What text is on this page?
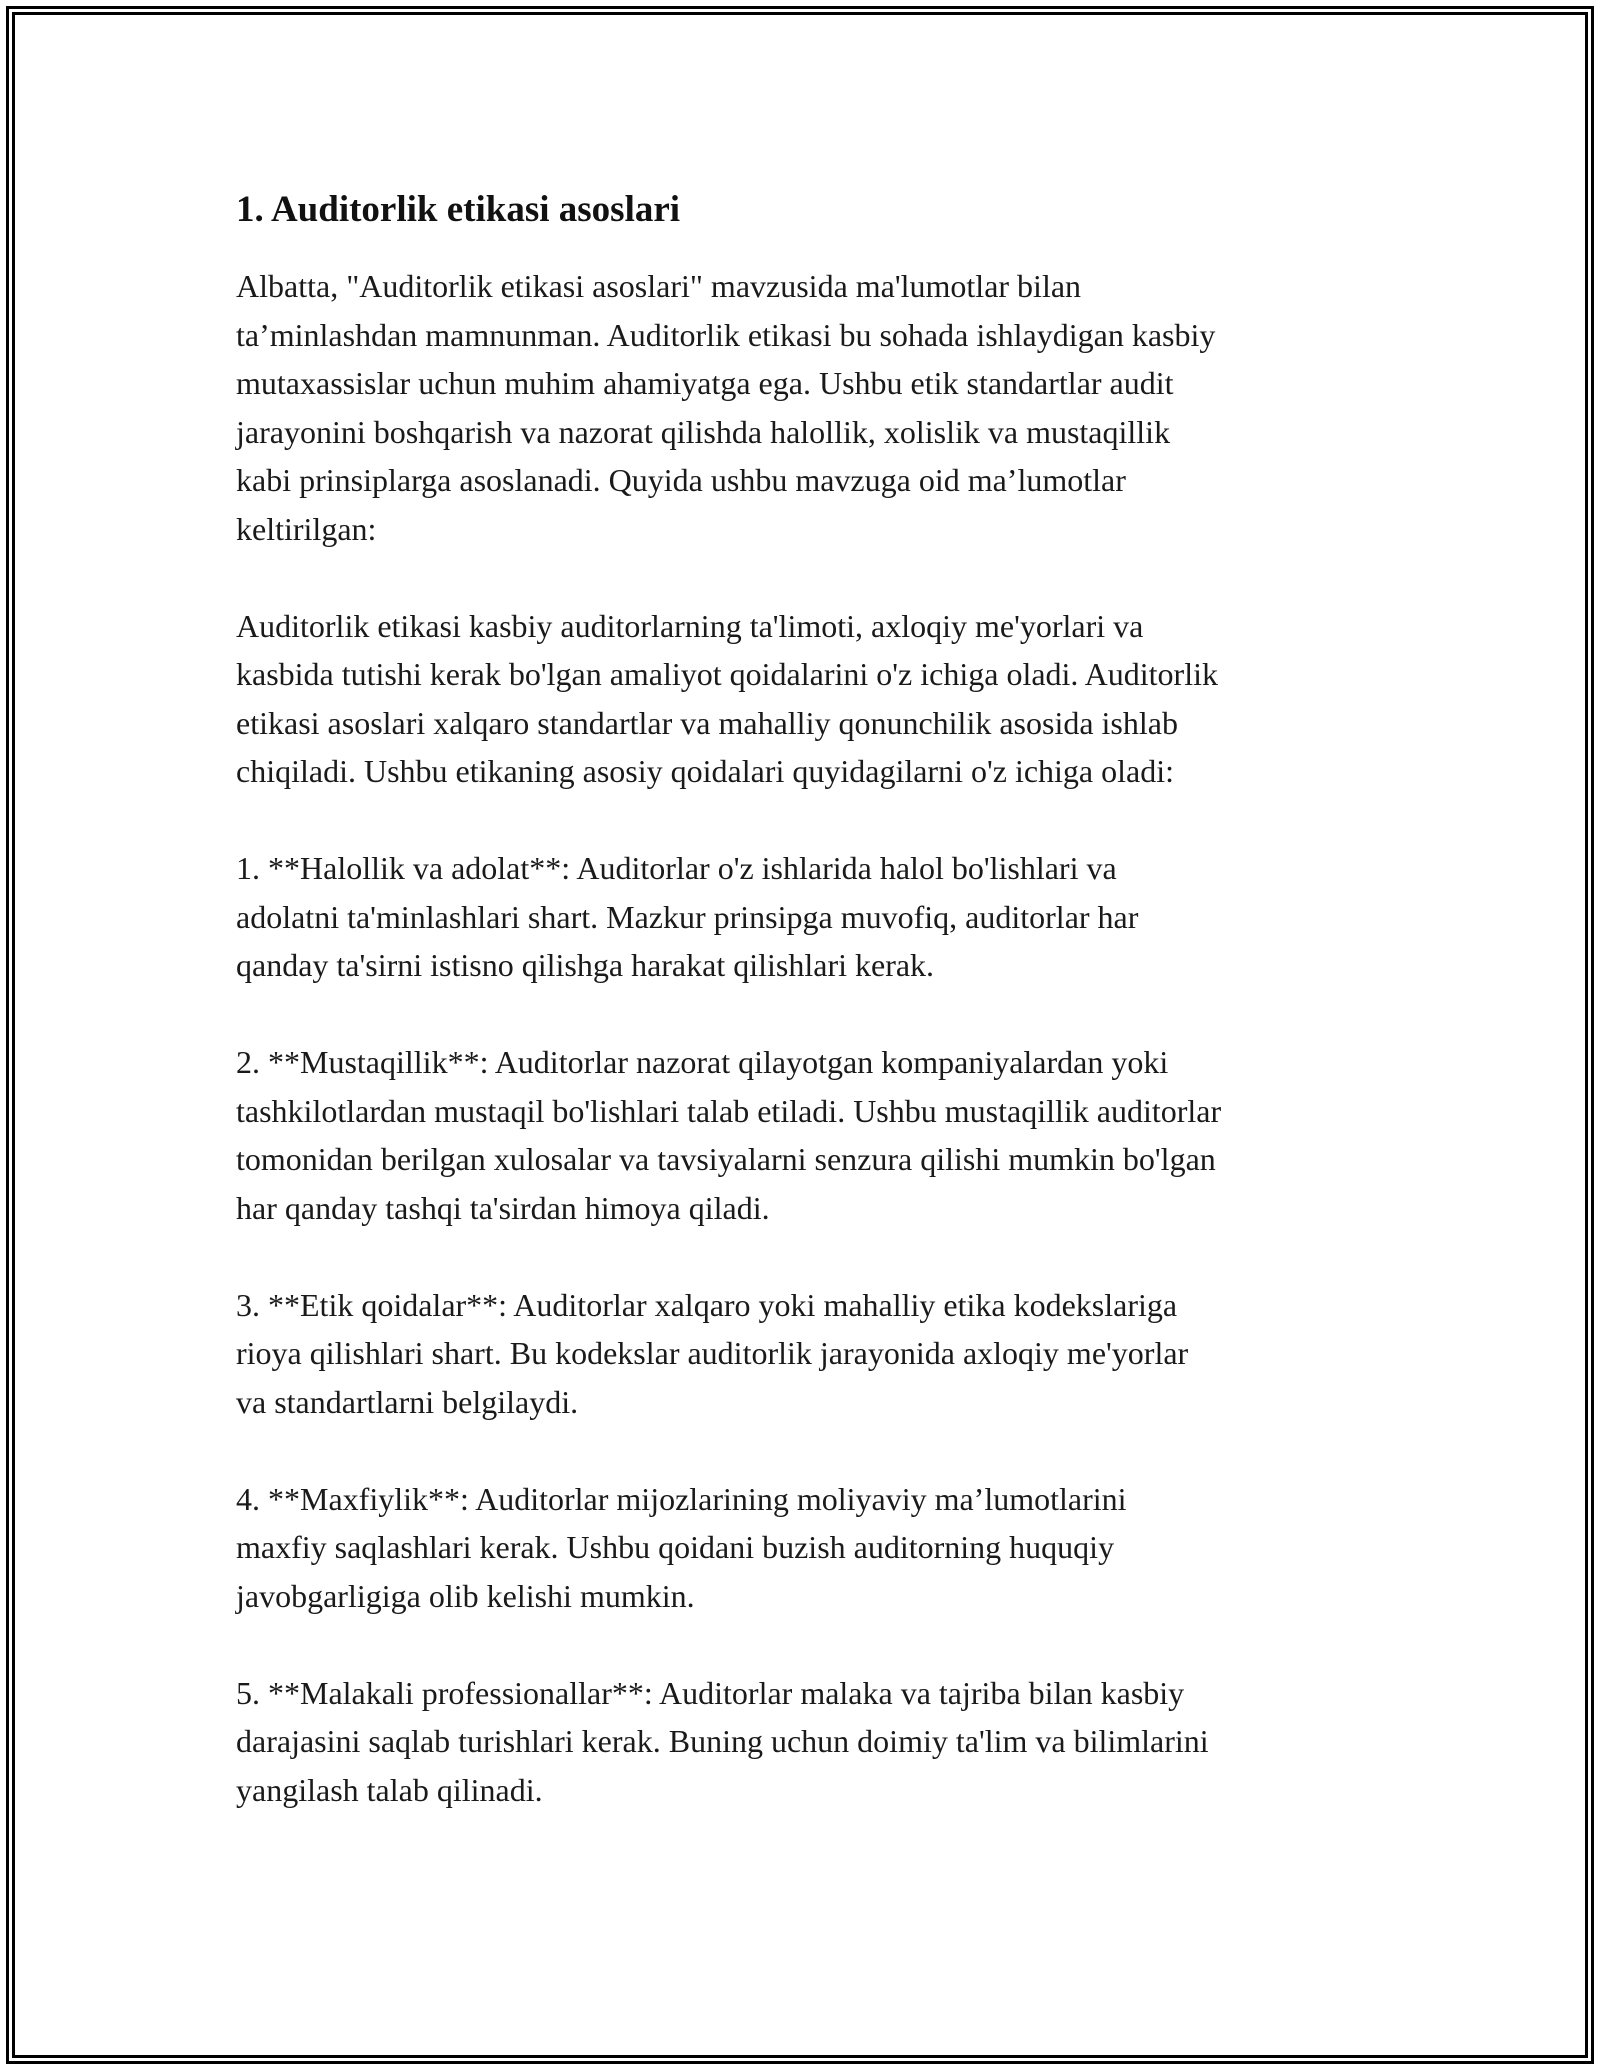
1. Auditorlik etikasi asoslari

Albatta, "Auditorlik etikasi asoslari" mavzusida ma'lumotlar bilan
ta’minlashdan mamnunman. Auditorlik etikasi bu sohada ishlaydigan kasbiy
mutaxassislar uchun muhim ahamiyatga ega. Ushbu etik standartlar audit
jarayonini boshqarish va nazorat qilishda halollik, xolislik va mustaqillik
kabi prinsiplarga asoslanadi. Quyida ushbu mavzuga oid ma’lumotlar
keltirilgan:

Auditorlik etikasi kasbiy auditorlarning ta'limoti, axloqiy me'yorlari va
kasbida tutishi kerak bo'lgan amaliyot qoidalarini o'z ichiga oladi. Auditorlik
etikasi asoslari xalqaro standartlar va mahalliy qonunchilik asosida ishlab
chiqiladi. Ushbu etikaning asosiy qoidalari quyidagilarni o'z ichiga oladi:

1. **Halollik va adolat**: Auditorlar o'z ishlarida halol bo'lishlari va
adolatni ta'minlashlari shart. Mazkur prinsipga muvofiq, auditorlar har
qanday ta'sirni istisno qilishga harakat qilishlari kerak.

2. **Mustaqillik**: Auditorlar nazorat qilayotgan kompaniyalardan yoki
tashkilotlardan mustaqil bo'lishlari talab etiladi. Ushbu mustaqillik auditorlar
tomonidan berilgan xulosalar va tavsiyalarni senzura qilishi mumkin bo'lgan
har qanday tashqi ta'sirdan himoya qiladi.

3. **Etik qoidalar**: Auditorlar xalqaro yoki mahalliy etika kodekslariga
rioya qilishlari shart. Bu kodekslar auditorlik jarayonida axloqiy me'yorlar
va standartlarni belgilaydi.

4. **Maxfiylik**: Auditorlar mijozlarining moliyaviy ma’lumotlarini
maxfiy saqlashlari kerak. Ushbu qoidani buzish auditorning huquqiy
javobgarligiga olib kelishi mumkin.

5. **Malakali professionallar**: Auditorlar malaka va tajriba bilan kasbiy
darajasini saqlab turishlari kerak. Buning uchun doimiy ta'lim va bilimlarini
yangilash talab qilinadi.
